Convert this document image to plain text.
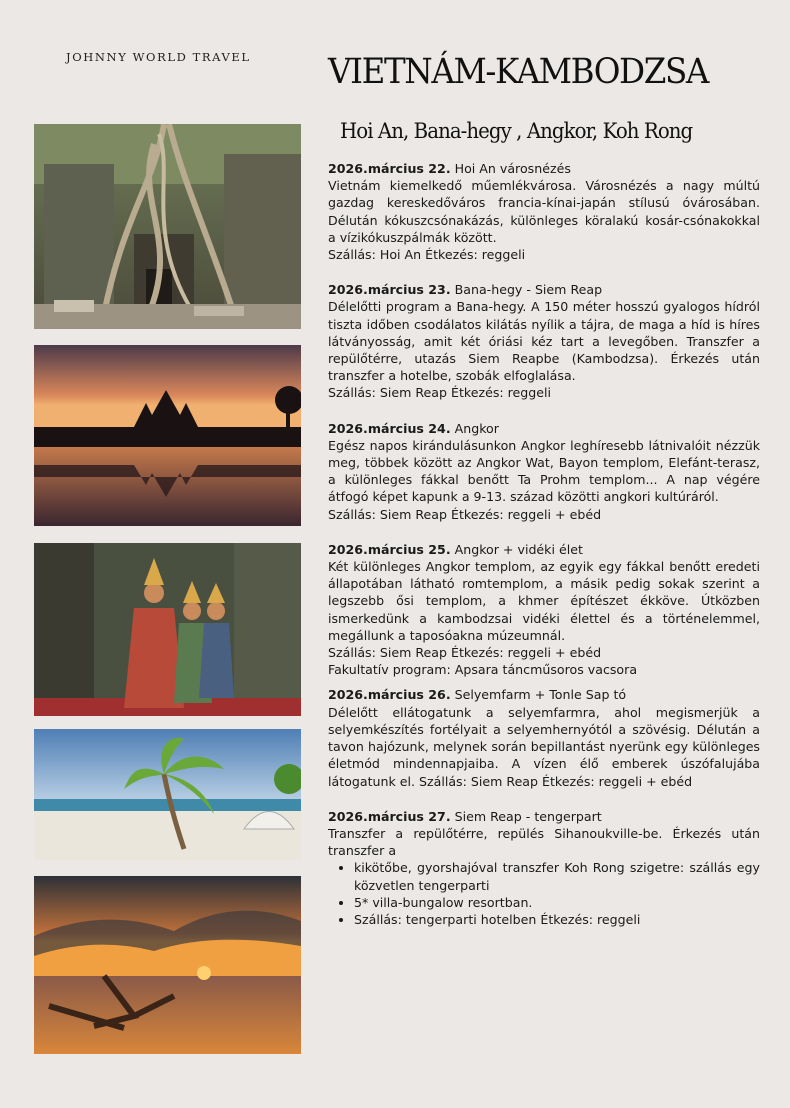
JOHNNY WORLD TRAVEL VIETNÁM-KAMBODZSA
Hoi An, Bana-hegy , Angkor, Koh Rong

2026.március 22. Hoi An városnézés

Vietnám kiemelkedő műemlékvárosa. Városnézés a nagy múltú gazdag kereskedőváros francia-kínai-japán stílusú óvárosában. Délután kókuszcsónakázás, különleges köralakú kosár-csónakokkal a vízikókuszpálmák között.

Szállás: Hoi An Étkezés: reggeli

2026.március 23. Bana-hegy - Siem Reap

Délelőtti program a Bana-hegy. A 150 méter hosszú gyalogos hídról tiszta időben csodálatos kilátás nyílik a tájra, de maga a híd is híres látványosság, amit két óriási kéz tart a levegőben. Transzfer a repülőtérre, utazás Siem Reapbe (Kambodzsa). Érkezés után transzfer a hotelbe, szobák elfoglalása.

Szállás: Siem Reap Étkezés: reggeli

2026.március 24. Angkor

Egész napos kirándulásunkon Angkor leghíresebb látnivalóit nézzük meg, többek között az Angkor Wat, Bayon templom, Elefánt-terasz, a különleges fákkal benőtt Ta Prohm templom... A nap végére átfogó képet kapunk a 9-13. század közötti angkori kultúráról.

Szállás: Siem Reap Étkezés: reggeli + ebéd

2026.március 25. Angkor + vidéki élet

Két különleges Angkor templom, az egyik egy fákkal benőtt eredeti állapotában látható romtemplom, a másik pedig sokak szerint a legszebb ősi templom, a khmer építészet ékköve. Útközben ismerkedünk a kambodzsai vidéki élettel és a történelemmel, megállunk a taposóakna múzeumnál.

Szállás: Siem Reap Étkezés: reggeli + ebéd

Fakultatív program: Apsara táncműsoros vacsora

2026.március 26. Selyemfarm + Tonle Sap tó

Délelőtt ellátogatunk a selyemfarmra, ahol megismerjük a selyemkészítés fortélyait a selyemhernyótól a szövésig. Délután a tavon hajózunk, melynek során bepillantást nyerünk egy különleges életmód mindennapjaiba. A vízen élő emberek úszófalujába látogatunk el. Szállás: Siem Reap Étkezés: reggeli + ebéd

2026.március 27. Siem Reap - tengerpart

Transzfer a repülőtérre, repülés Sihanoukville-be. Érkezés után transzfer a

• kikötőbe, gyorshajóval transzfer Koh Rong szigetre: szállás egy közvetlen tengerparti
• 5* villa-bungalow resortban.
• Szállás: tengerparti hotelben Étkezés: reggeli
